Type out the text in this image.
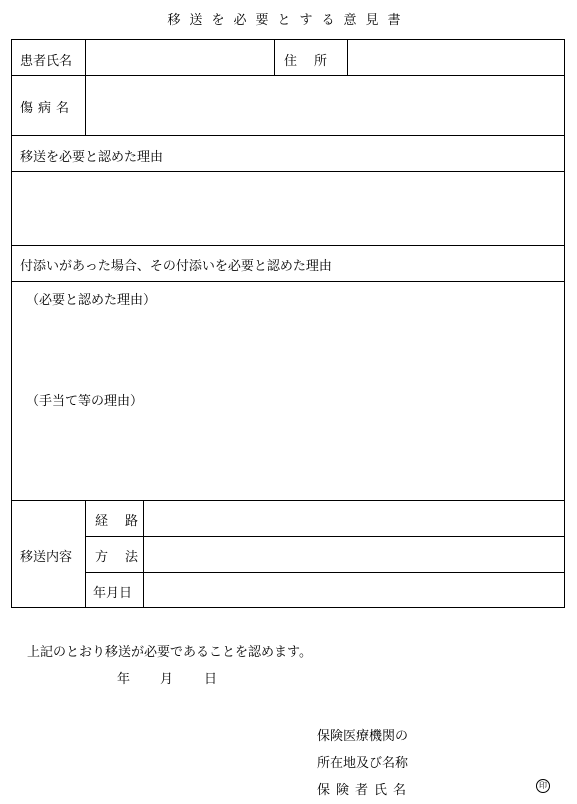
移送を必要とする意見書
患者氏名	住　所
傷病名
移送を必要と認めた理由
付添いがあった場合、その付添いを必要と認めた理由
（必要と認めた理由）
（手当て等の理由）
移送内容
経　路
方　法
年月日
上記のとおり移送が必要であることを認めます。
年 月 日
保険医療機関の
所在地及び名称
保険者氏名	印
